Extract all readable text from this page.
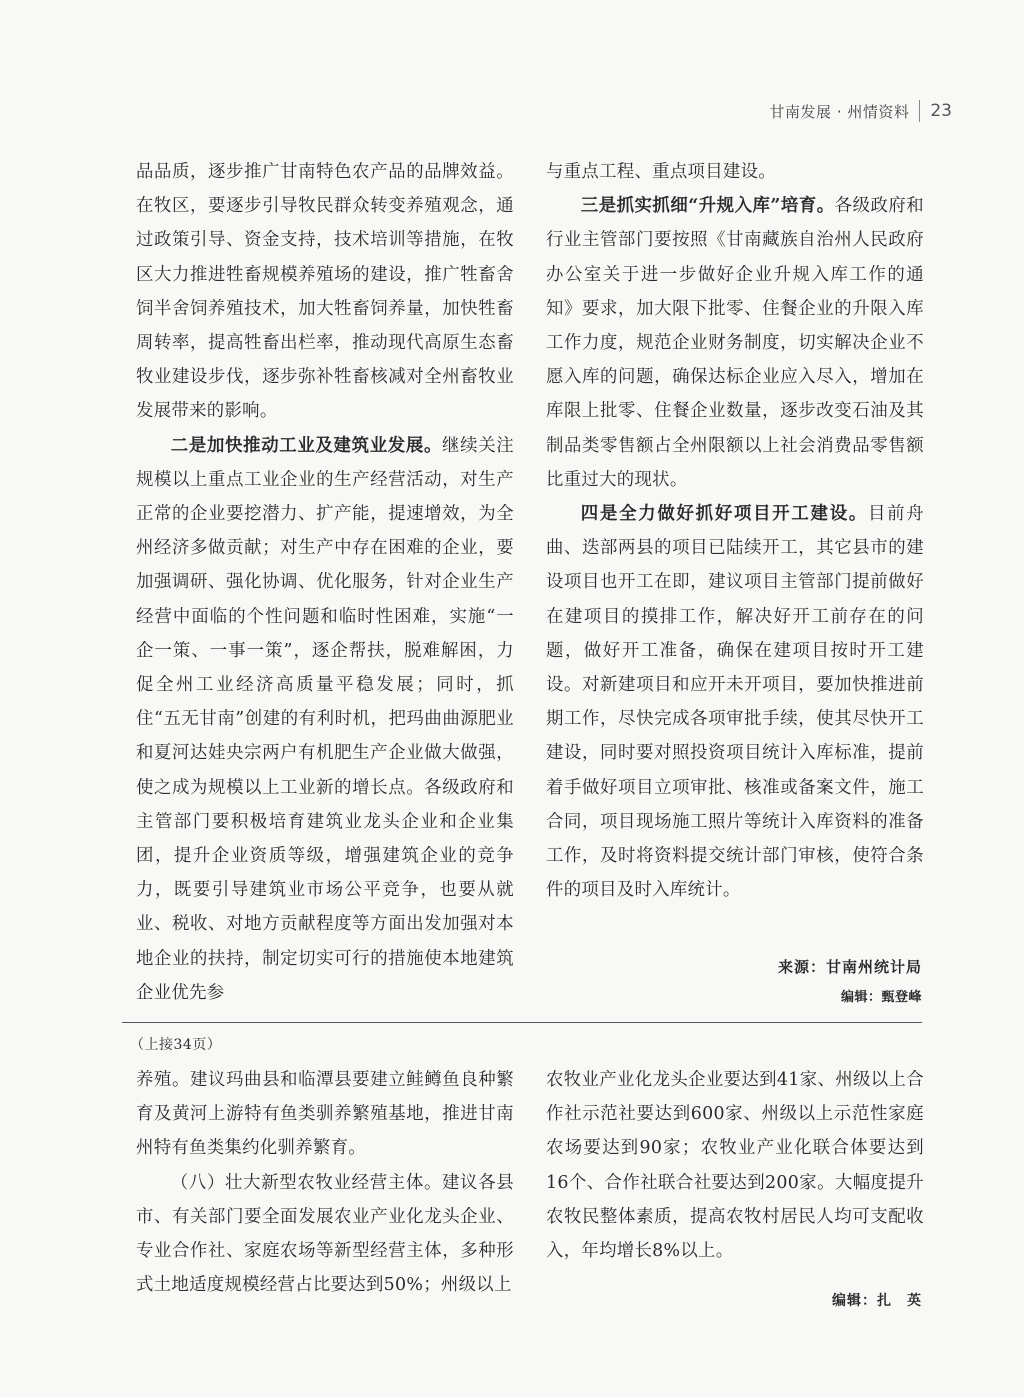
甘南发展 · 州情资料 23

品品质，逐步推广甘南特色农产品的品牌效益。在牧区，要逐步引导牧民群众转变养殖观念，通过政策引导、资金支持，技术培训等措施，在牧区大力推进牲畜规模养殖场的建设，推广牲畜舍饲半舍饲养殖技术，加大牲畜饲养量，加快牲畜周转率，提高牲畜出栏率，推动现代高原生态畜牧业建设步伐，逐步弥补牲畜核减对全州畜牧业发展带来的影响。

二是加快推动工业及建筑业发展。继续关注规模以上重点工业企业的生产经营活动，对生产正常的企业要挖潜力、扩产能，提速增效，为全州经济多做贡献；对生产中存在困难的企业，要加强调研、强化协调、优化服务，针对企业生产经营中面临的个性问题和临时性困难，实施“一企一策、一事一策”，逐企帮扶，脱难解困，力促全州工业经济高质量平稳发展；同时，抓住“五无甘南”创建的有利时机，把玛曲曲源肥业和夏河达娃央宗两户有机肥生产企业做大做强，使之成为规模以上工业新的增长点。各级政府和主管部门要积极培育建筑业龙头企业和企业集团，提升企业资质等级，增强建筑企业的竞争力，既要引导建筑业市场公平竞争，也要从就业、税收、对地方贡献程度等方面出发加强对本地企业的扶持，制定切实可行的措施使本地建筑企业优先参

与重点工程、重点项目建设。

三是抓实抓细“升规入库”培育。各级政府和行业主管部门要按照《甘南藏族自治州人民政府办公室关于进一步做好企业升规入库工作的通知》要求，加大限下批零、住餐企业的升限入库工作力度，规范企业财务制度，切实解决企业不愿入库的问题，确保达标企业应入尽入，增加在库限上批零、住餐企业数量，逐步改变石油及其制品类零售额占全州限额以上社会消费品零售额比重过大的现状。

四是全力做好抓好项目开工建设。目前舟曲、迭部两县的项目已陆续开工，其它县市的建设项目也开工在即，建议项目主管部门提前做好在建项目的摸排工作，解决好开工前存在的问题，做好开工准备，确保在建项目按时开工建设。对新建项目和应开未开项目，要加快推进前期工作，尽快完成各项审批手续，使其尽快开工建设，同时要对照投资项目统计入库标准，提前着手做好项目立项审批、核准或备案文件，施工合同，项目现场施工照片等统计入库资料的准备工作，及时将资料提交统计部门审核，使符合条件的项目及时入库统计。

来源：甘南州统计局
编辑：甄登峰
（上接34页）

养殖。建议玛曲县和临潭县要建立鲑鳟鱼良种繁育及黄河上游特有鱼类驯养繁殖基地，推进甘南州特有鱼类集约化驯养繁育。

（八）壮大新型农牧业经营主体。建议各县市、有关部门要全面发展农业产业化龙头企业、专业合作社、家庭农场等新型经营主体，多种形式土地适度规模经营占比要达到50%；州级以上

农牧业产业化龙头企业要达到41家、州级以上合作社示范社要达到600家、州级以上示范性家庭农场要达到90家；农牧业产业化联合体要达到16个、合作社联合社要达到200家。大幅度提升农牧民整体素质，提高农牧村居民人均可支配收入，年均增长8%以上。

编辑：扎　英
